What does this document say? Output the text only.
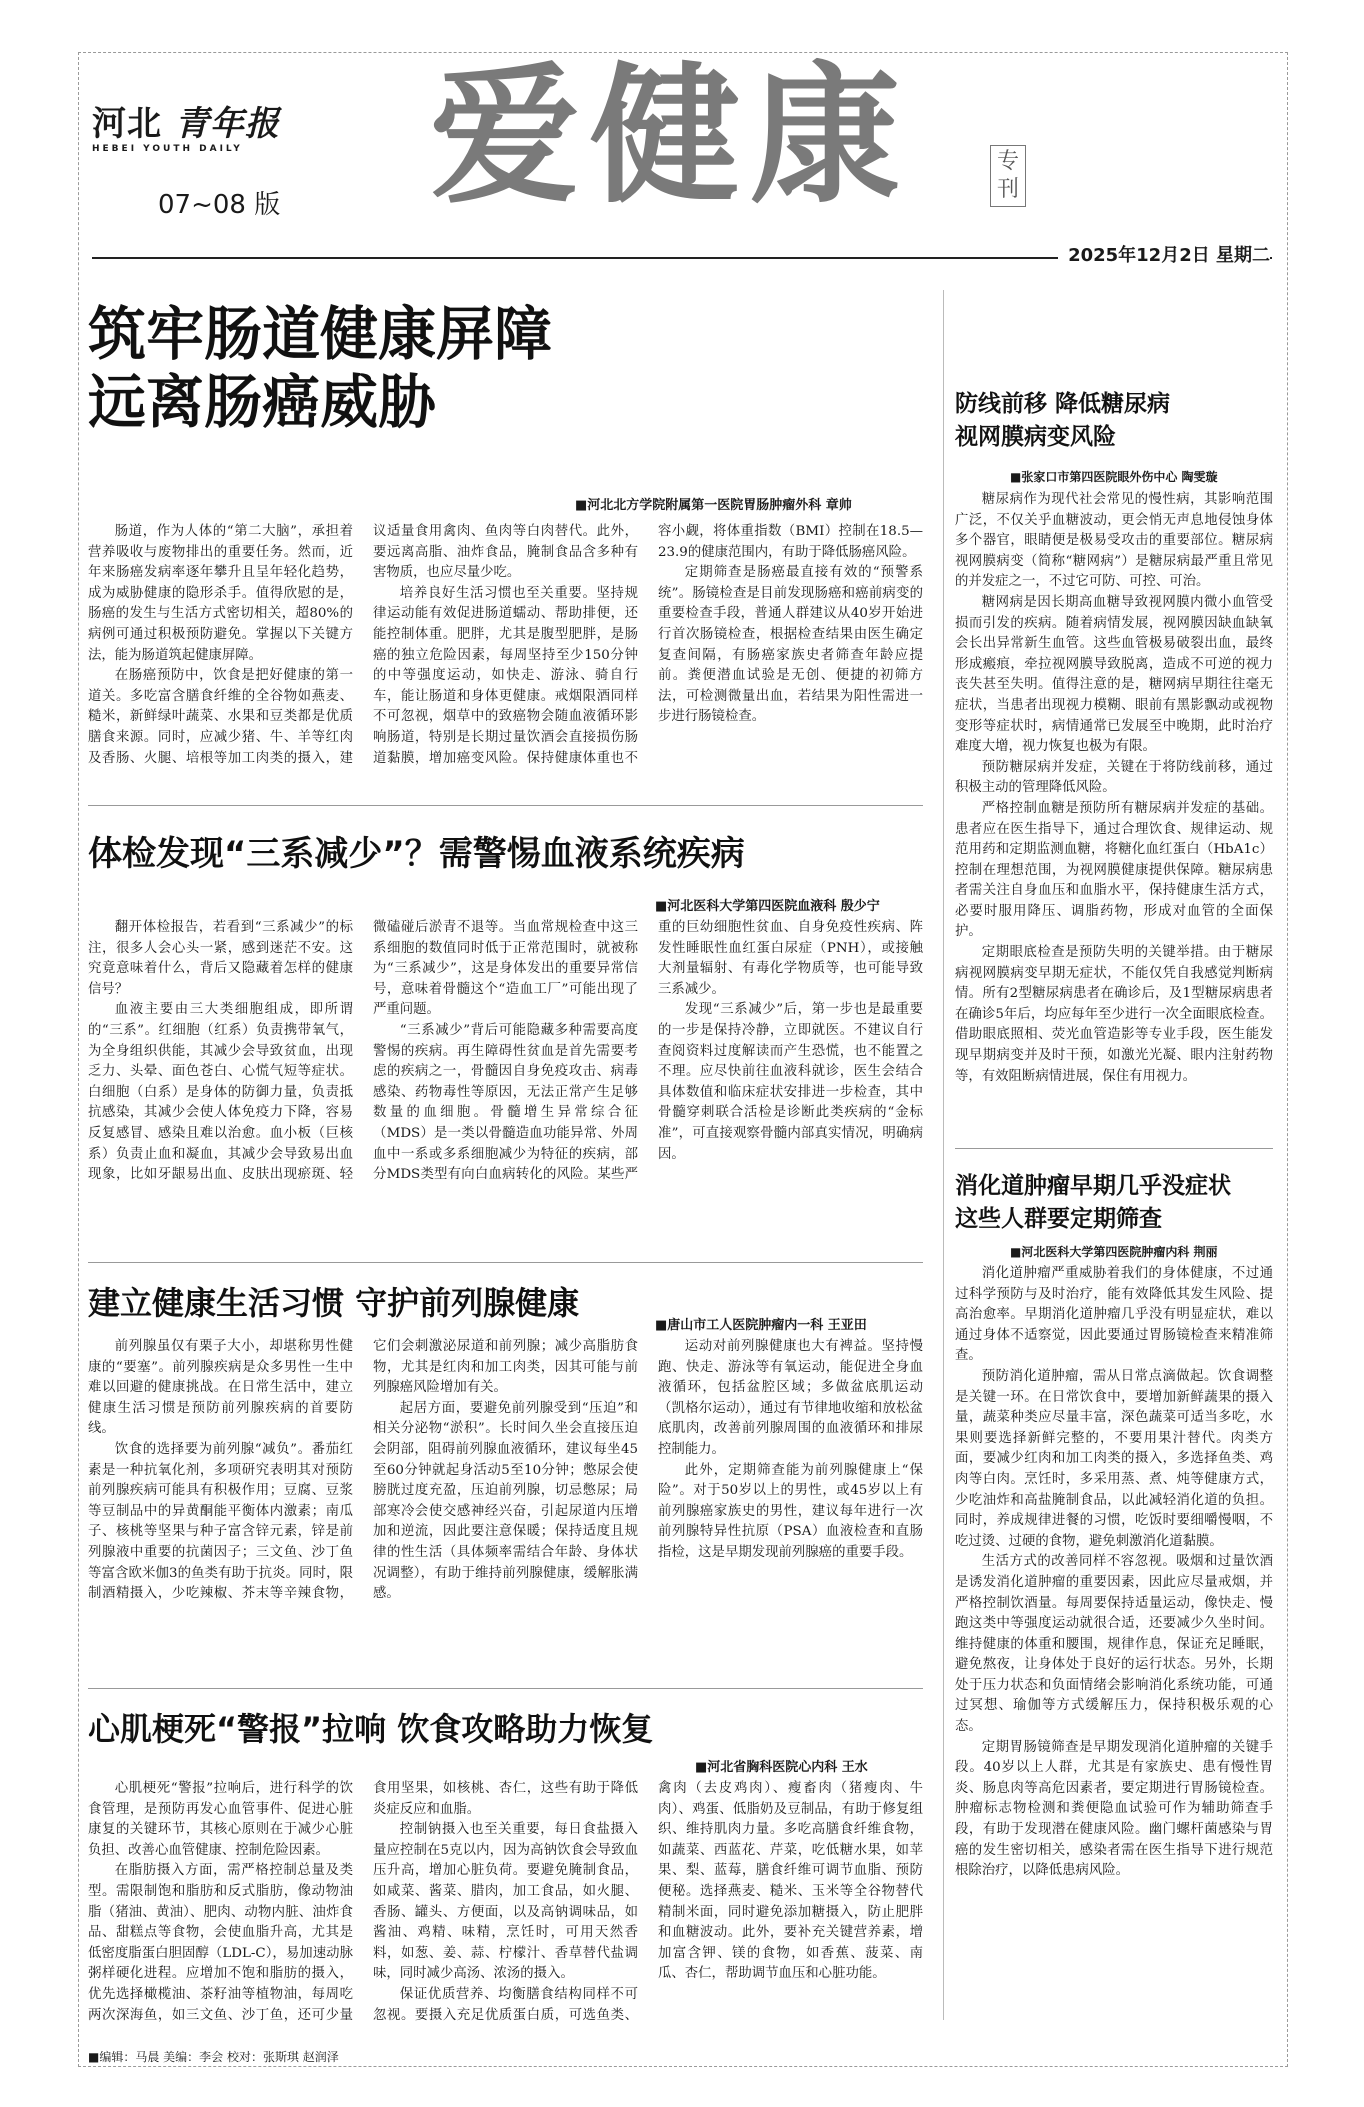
河北 青年报
HEBEI YOUTH DAILY
07~08 版 爱健康	专刊
2025年12月2日 星期二
筑牢肠道健康屏障
远离肠癌威胁
■河北北方学院附属第一医院胃肠肿瘤外科 章帅

肠道，作为人体的“第二大脑”，承担着营养吸收与废物排出的重要任务。然而，近年来肠癌发病率逐年攀升且呈年轻化趋势，成为威胁健康的隐形杀手。值得欣慰的是，肠癌的发生与生活方式密切相关，超80%的病例可通过积极预防避免。掌握以下关键方法，能为肠道筑起健康屏障。

在肠癌预防中，饮食是把好健康的第一道关。多吃富含膳食纤维的全谷物如燕麦、糙米，新鲜绿叶蔬菜、水果和豆类都是优质膳食来源。同时，应减少猪、牛、羊等红肉及香肠、火腿、培根等加工肉类的摄入，建议适量食用禽肉、鱼肉等白肉替代。此外，要远离高脂、油炸食品，腌制食品含多种有害物质，也应尽量少吃。

培养良好生活习惯也至关重要。坚持规律运动能有效促进肠道蠕动、帮助排便，还能控制体重。肥胖，尤其是腹型肥胖，是肠癌的独立危险因素，每周坚持至少150分钟的中等强度运动，如快走、游泳、骑自行车，能让肠道和身体更健康。戒烟限酒同样不可忽视，烟草中的致癌物会随血液循环影响肠道，特别是长期过量饮酒会直接损伤肠道黏膜，增加癌变风险。保持健康体重也不容小觑，将体重指数（BMI）控制在18.5—23.9的健康范围内，有助于降低肠癌风险。

定期筛查是肠癌最直接有效的“预警系统”。肠镜检查是目前发现肠癌和癌前病变的重要检查手段，普通人群建议从40岁开始进行首次肠镜检查，根据检查结果由医生确定复查间隔，有肠癌家族史者筛查年龄应提前。粪便潜血试验是无创、便捷的初筛方法，可检测微量出血，若结果为阳性需进一步进行肠镜检查。

体检发现“三系减少”？需警惕血液系统疾病
■河北医科大学第四医院血液科 殷少宁

翻开体检报告，若看到“三系减少”的标注，很多人会心头一紧，感到迷茫不安。这究竟意味着什么，背后又隐藏着怎样的健康信号？

血液主要由三大类细胞组成，即所谓的“三系”。红细胞（红系）负责携带氧气，为全身组织供能，其减少会导致贫血，出现乏力、头晕、面色苍白、心慌气短等症状。白细胞（白系）是身体的防御力量，负责抵抗感染，其减少会使人体免疫力下降，容易反复感冒、感染且难以治愈。血小板（巨核系）负责止血和凝血，其减少会导致易出血现象，比如牙龈易出血、皮肤出现瘀斑、轻微磕碰后淤青不退等。当血常规检查中这三系细胞的数值同时低于正常范围时，就被称为“三系减少”，这是身体发出的重要异常信号，意味着骨髓这个“造血工厂”可能出现了严重问题。

“三系减少”背后可能隐藏多种需要高度警惕的疾病。再生障碍性贫血是首先需要考虑的疾病之一，骨髓因自身免疫攻击、病毒感染、药物毒性等原因，无法正常产生足够数量的血细胞。骨髓增生异常综合征（MDS）是一类以骨髓造血功能异常、外周血中一系或多系细胞减少为特征的疾病，部分MDS类型有向白血病转化的风险。某些严重的巨幼细胞性贫血、自身免疫性疾病、阵发性睡眠性血红蛋白尿症（PNH），或接触大剂量辐射、有毒化学物质等，也可能导致三系减少。

发现“三系减少”后，第一步也是最重要的一步是保持冷静，立即就医。不建议自行查阅资料过度解读而产生恐慌，也不能置之不理。应尽快前往血液科就诊，医生会结合具体数值和临床症状安排进一步检查，其中骨髓穿刺联合活检是诊断此类疾病的“金标准”，可直接观察骨髓内部真实情况，明确病因。

建立健康生活习惯 守护前列腺健康
■唐山市工人医院肿瘤内一科 王亚田

前列腺虽仅有栗子大小，却堪称男性健康的“要塞”。前列腺疾病是众多男性一生中难以回避的健康挑战。在日常生活中，建立健康生活习惯是预防前列腺疾病的首要防线。

饮食的选择要为前列腺“减负”。番茄红素是一种抗氧化剂，多项研究表明其对预防前列腺疾病可能具有积极作用；豆腐、豆浆等豆制品中的异黄酮能平衡体内激素；南瓜子、核桃等坚果与种子富含锌元素，锌是前列腺液中重要的抗菌因子；三文鱼、沙丁鱼等富含欧米伽3的鱼类有助于抗炎。同时，限制酒精摄入，少吃辣椒、芥末等辛辣食物，它们会刺激泌尿道和前列腺；减少高脂肪食物，尤其是红肉和加工肉类，因其可能与前列腺癌风险增加有关。

起居方面，要避免前列腺受到“压迫”和相关分泌物“淤积”。长时间久坐会直接压迫会阴部，阻碍前列腺血液循环，建议每坐45至60分钟就起身活动5至10分钟；憋尿会使膀胱过度充盈，压迫前列腺，切忌憋尿；局部寒冷会使交感神经兴奋，引起尿道内压增加和逆流，因此要注意保暖；保持适度且规律的性生活（具体频率需结合年龄、身体状况调整），有助于维持前列腺健康，缓解胀满感。

运动对前列腺健康也大有裨益。坚持慢跑、快走、游泳等有氧运动，能促进全身血液循环，包括盆腔区域；多做盆底肌运动（凯格尔运动），通过有节律地收缩和放松盆底肌肉，改善前列腺周围的血液循环和排尿控制能力。

此外，定期筛查能为前列腺健康上“保险”。对于50岁以上的男性，或45岁以上有前列腺癌家族史的男性，建议每年进行一次前列腺特异性抗原（PSA）血液检查和直肠指检，这是早期发现前列腺癌的重要手段。

心肌梗死“警报”拉响 饮食攻略助力恢复
■河北省胸科医院心内科 王水

心肌梗死“警报”拉响后，进行科学的饮食管理，是预防再发心血管事件、促进心脏康复的关键环节，其核心原则在于减少心脏负担、改善心血管健康、控制危险因素。

在脂肪摄入方面，需严格控制总量及类型。需限制饱和脂肪和反式脂肪，像动物油脂（猪油、黄油）、肥肉、动物内脏、油炸食品、甜糕点等食物，会使血脂升高，尤其是低密度脂蛋白胆固醇（LDL-C），易加速动脉粥样硬化进程。应增加不饱和脂肪的摄入，优先选择橄榄油、茶籽油等植物油，每周吃两次深海鱼，如三文鱼、沙丁鱼，还可少量食用坚果，如核桃、杏仁，这些有助于降低炎症反应和血脂。

控制钠摄入也至关重要，每日食盐摄入量应控制在5克以内，因为高钠饮食会导致血压升高，增加心脏负荷。要避免腌制食品，如咸菜、酱菜、腊肉，加工食品，如火腿、香肠、罐头、方便面，以及高钠调味品，如酱油、鸡精、味精，烹饪时，可用天然香料，如葱、姜、蒜、柠檬汁、香草替代盐调味，同时减少高汤、浓汤的摄入。

保证优质营养、均衡膳食结构同样不可忽视。要摄入充足优质蛋白质，可选鱼类、禽肉（去皮鸡肉）、瘦畜肉（猪瘦肉、牛肉）、鸡蛋、低脂奶及豆制品，有助于修复组织、维持肌肉力量。多吃高膳食纤维食物，如蔬菜、西蓝花、芹菜，吃低糖水果，如苹果、梨、蓝莓，膳食纤维可调节血脂、预防便秘。选择燕麦、糙米、玉米等全谷物替代精制米面，同时避免添加糖摄入，防止肥胖和血糖波动。此外，要补充关键营养素，增加富含钾、镁的食物，如香蕉、菠菜、南瓜、杏仁，帮助调节血压和心脏功能。

防线前移 降低糖尿病
视网膜病变风险
■张家口市第四医院眼外伤中心 陶雯璇

糖尿病作为现代社会常见的慢性病，其影响范围广泛，不仅关乎血糖波动，更会悄无声息地侵蚀身体多个器官，眼睛便是极易受攻击的重要部位。糖尿病视网膜病变（简称“糖网病”）是糖尿病最严重且常见的并发症之一，不过它可防、可控、可治。

糖网病是因长期高血糖导致视网膜内微小血管受损而引发的疾病。随着病情发展，视网膜因缺血缺氧会长出异常新生血管。这些血管极易破裂出血，最终形成瘢痕，牵拉视网膜导致脱离，造成不可逆的视力丧失甚至失明。值得注意的是，糖网病早期往往毫无症状，当患者出现视力模糊、眼前有黑影飘动或视物变形等症状时，病情通常已发展至中晚期，此时治疗难度大增，视力恢复也极为有限。

预防糖尿病并发症，关键在于将防线前移，通过积极主动的管理降低风险。

严格控制血糖是预防所有糖尿病并发症的基础。患者应在医生指导下，通过合理饮食、规律运动、规范用药和定期监测血糖，将糖化血红蛋白（HbA1c）控制在理想范围，为视网膜健康提供保障。糖尿病患者需关注自身血压和血脂水平，保持健康生活方式，必要时服用降压、调脂药物，形成对血管的全面保护。

定期眼底检查是预防失明的关键举措。由于糖尿病视网膜病变早期无症状，不能仅凭自我感觉判断病情。所有2型糖尿病患者在确诊后，及1型糖尿病患者在确诊5年后，均应每年至少进行一次全面眼底检查。借助眼底照相、荧光血管造影等专业手段，医生能发现早期病变并及时干预，如激光光凝、眼内注射药物等，有效阻断病情进展，保住有用视力。

消化道肿瘤早期几乎没症状
这些人群要定期筛查
■河北医科大学第四医院肿瘤内科 荆丽

消化道肿瘤严重威胁着我们的身体健康，不过通过科学预防与及时治疗，能有效降低其发生风险、提高治愈率。早期消化道肿瘤几乎没有明显症状，难以通过身体不适察觉，因此要通过胃肠镜检查来精准筛查。

预防消化道肿瘤，需从日常点滴做起。饮食调整是关键一环。在日常饮食中，要增加新鲜蔬果的摄入量，蔬菜种类应尽量丰富，深色蔬菜可适当多吃，水果则要选择新鲜完整的，不要用果汁替代。肉类方面，要减少红肉和加工肉类的摄入，多选择鱼类、鸡肉等白肉。烹饪时，多采用蒸、煮、炖等健康方式，少吃油炸和高盐腌制食品，以此减轻消化道的负担。同时，养成规律进餐的习惯，吃饭时要细嚼慢咽，不吃过烫、过硬的食物，避免刺激消化道黏膜。

生活方式的改善同样不容忽视。吸烟和过量饮酒是诱发消化道肿瘤的重要因素，因此应尽量戒烟，并严格控制饮酒量。每周要保持适量运动，像快走、慢跑这类中等强度运动就很合适，还要减少久坐时间。维持健康的体重和腰围，规律作息，保证充足睡眠，避免熬夜，让身体处于良好的运行状态。另外，长期处于压力状态和负面情绪会影响消化系统功能，可通过冥想、瑜伽等方式缓解压力，保持积极乐观的心态。

定期胃肠镜筛查是早期发现消化道肿瘤的关键手段。40岁以上人群，尤其是有家族史、患有慢性胃炎、肠息肉等高危因素者，要定期进行胃肠镜检查。肿瘤标志物检测和粪便隐血试验可作为辅助筛查手段，有助于发现潜在健康风险。幽门螺杆菌感染与胃癌的发生密切相关，感染者需在医生指导下进行规范根除治疗，以降低患病风险。

■编辑：马晨 美编：李会 校对：张斯琪 赵润泽
